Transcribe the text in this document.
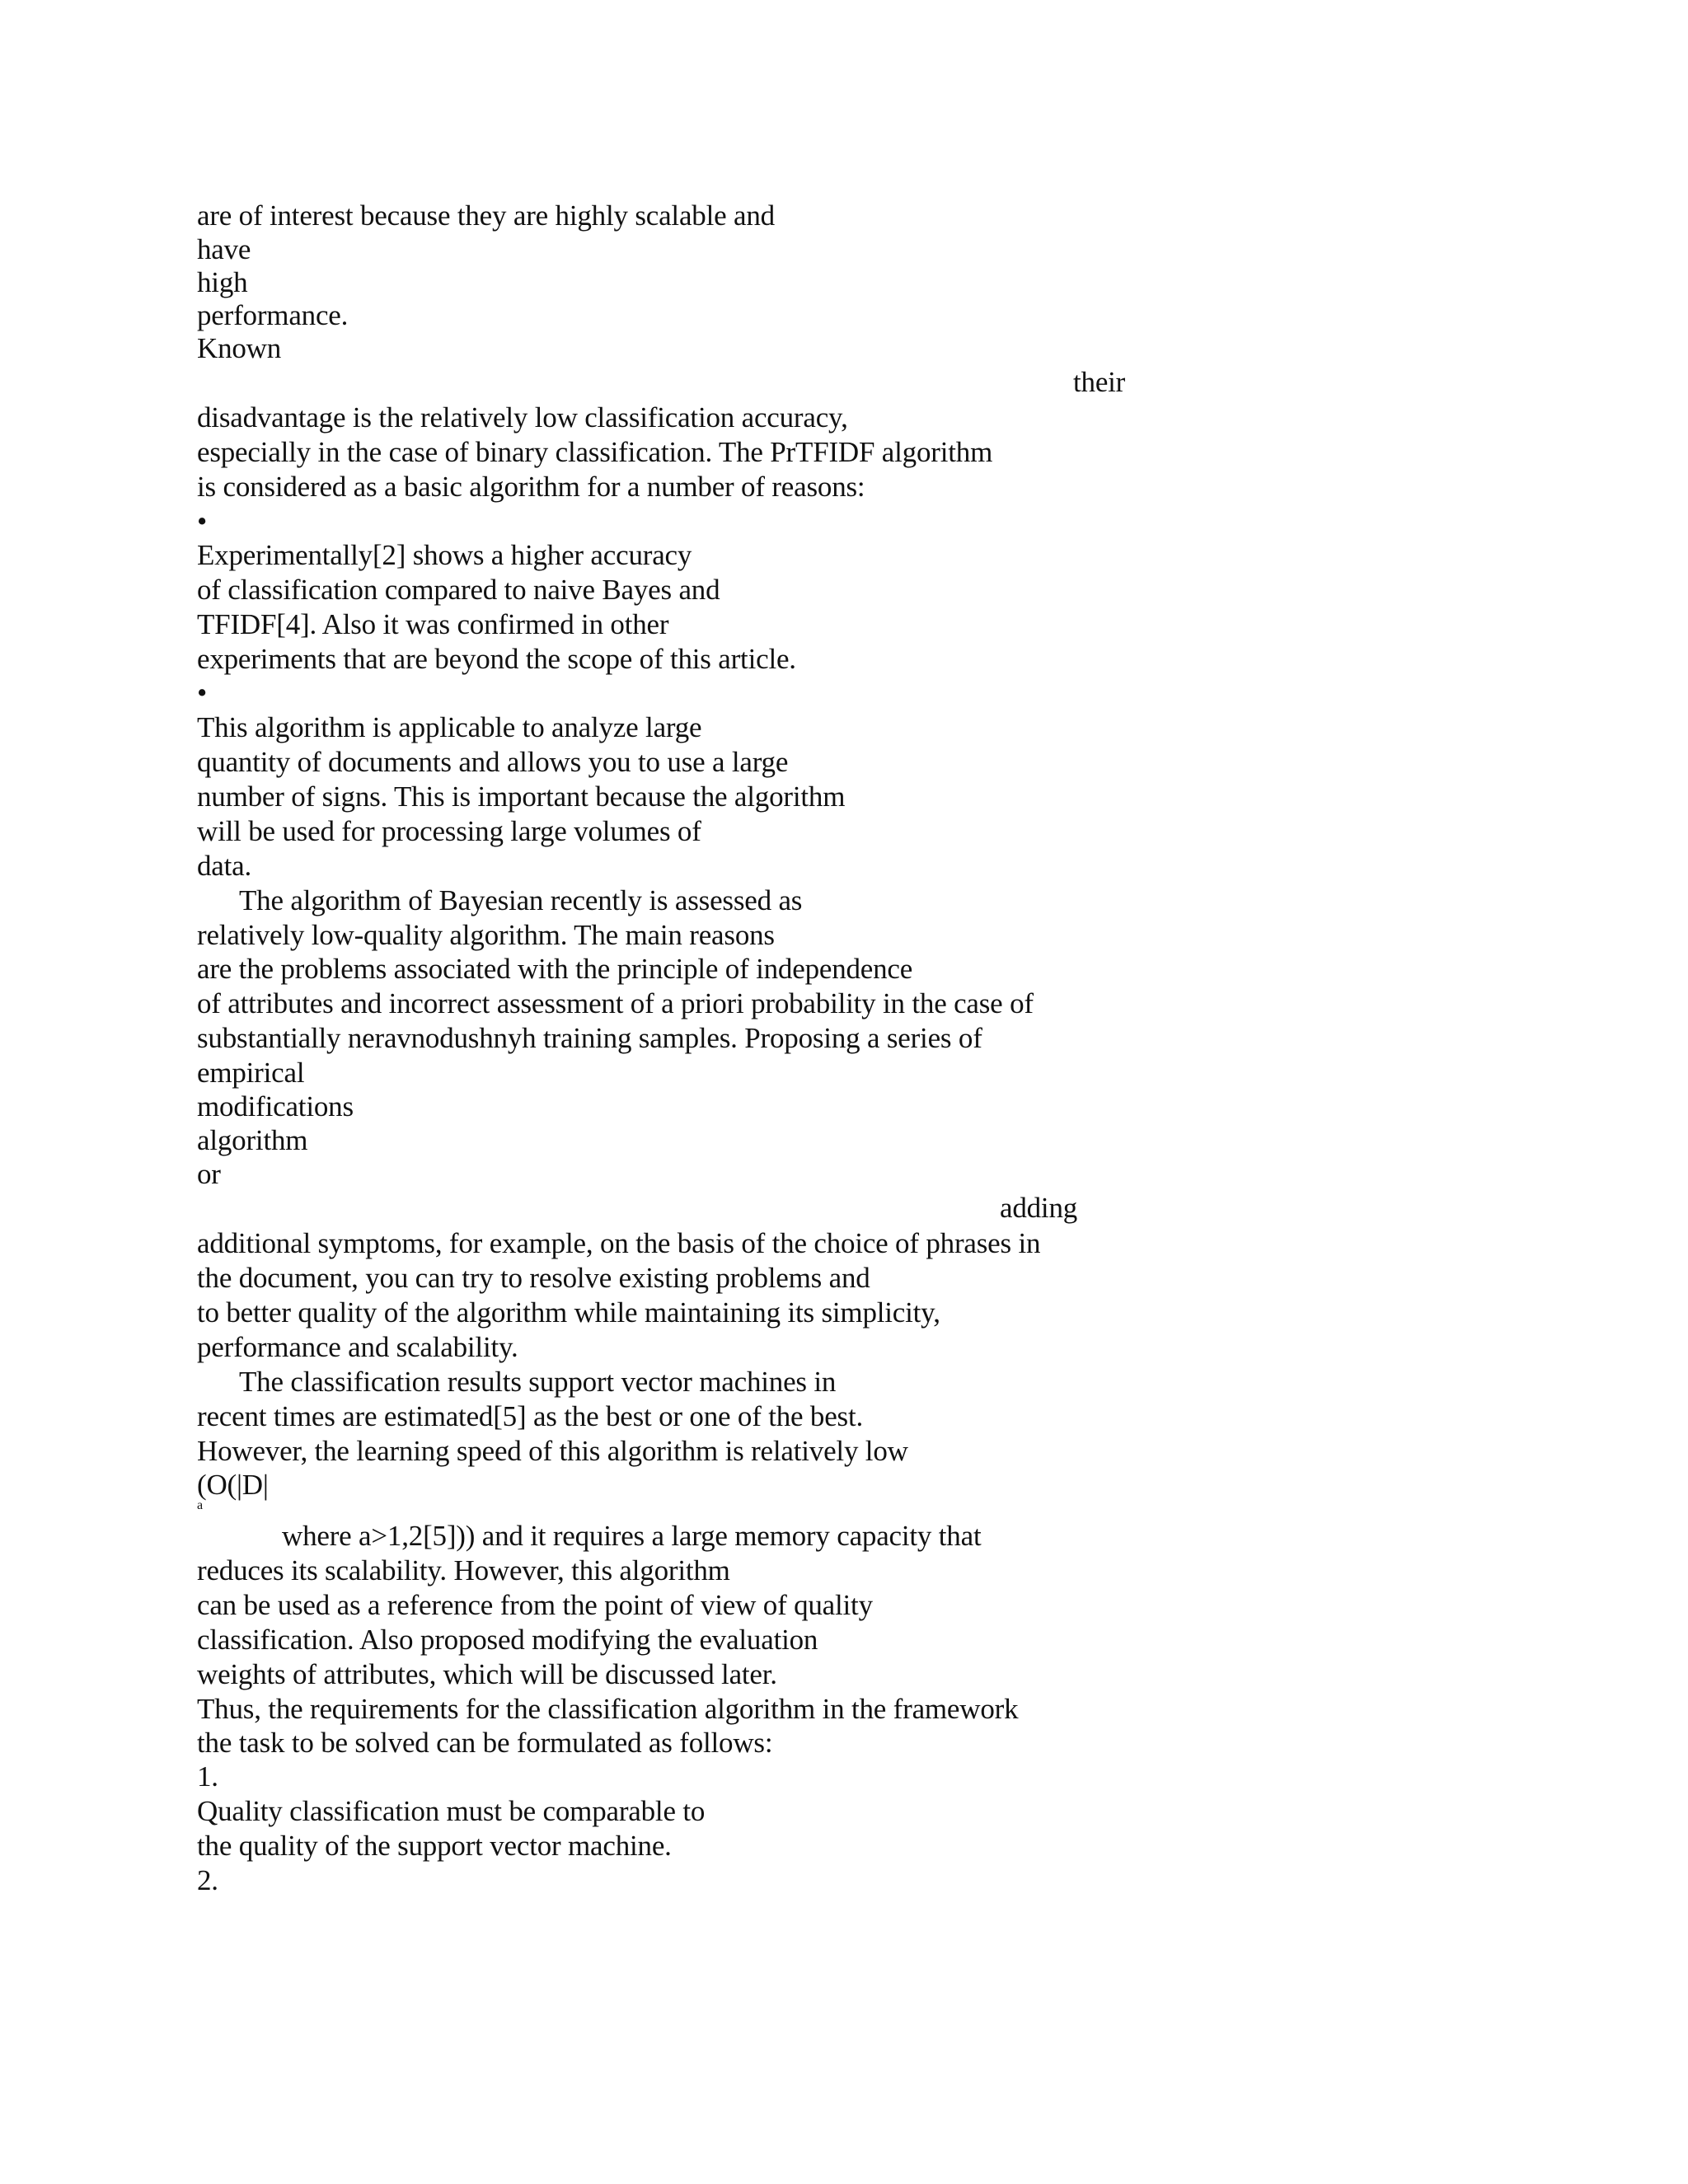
are of interest because they are highly scalable and
have
high
performance.
Known
their
disadvantage is the relatively low classification accuracy,
especially in the case of binary classification. The PrTFIDF algorithm
is considered as a basic algorithm for a number of reasons:
•
Experimentally[2] shows a higher accuracy
of classification compared to naive Bayes and
TFIDF[4]. Also it was confirmed in other
experiments that are beyond the scope of this article.
•
This algorithm is applicable to analyze large
quantity of documents and allows you to use a large
number of signs. This is important because the algorithm
will be used for processing large volumes of
data.
The algorithm of Bayesian recently is assessed as
relatively low-quality algorithm. The main reasons
are the problems associated with the principle of independence
of attributes and incorrect assessment of a priori probability in the case of
substantially neravnodushnyh training samples. Proposing a series of
empirical
modifications
algorithm
or
adding
additional symptoms, for example, on the basis of the choice of phrases in
the document, you can try to resolve existing problems and
to better quality of the algorithm while maintaining its simplicity,
performance and scalability.
The classification results support vector machines in
recent times are estimated[5] as the best or one of the best.
However, the learning speed of this algorithm is relatively low
(O(|D|
a
where a>1,2[5])) and it requires a large memory capacity that
reduces its scalability. However, this algorithm
can be used as a reference from the point of view of quality
classification. Also proposed modifying the evaluation
weights of attributes, which will be discussed later.
Thus, the requirements for the classification algorithm in the framework
the task to be solved can be formulated as follows:
1.
Quality classification must be comparable to
the quality of the support vector machine.
2.
